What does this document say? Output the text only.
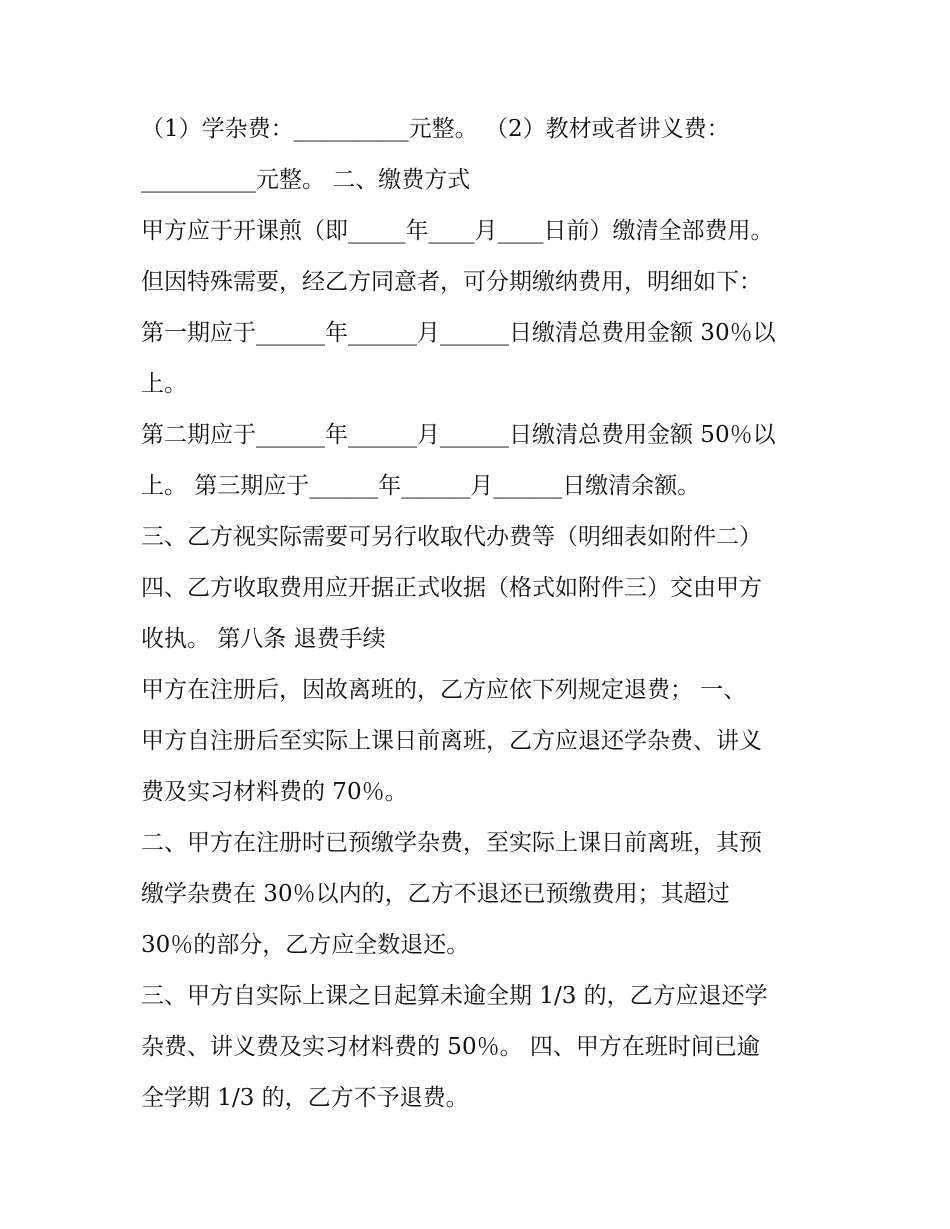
（1）学杂费：__________元整。 （2）教材或者讲义费：
__________元整。 二、缴费方式
甲方应于开课煎（即_____年____月____日前）缴清全部费用。
但因特殊需要，经乙方同意者，可分期缴纳费用，明细如下：
第一期应于______年______月______日缴清总费用金额 30％以
上。
第二期应于______年______月______日缴清总费用金额 50％以
上。 第三期应于______年______月______日缴清余额。
三、乙方视实际需要可另行收取代办费等（明细表如附件二）
四、乙方收取费用应开据正式收据（格式如附件三）交由甲方
收执。 第八条 退费手续
甲方在注册后，因故离班的，乙方应依下列规定退费； 一、
甲方自注册后至实际上课日前离班，乙方应退还学杂费、讲义
费及实习材料费的 70％。
二、甲方在注册时已预缴学杂费，至实际上课日前离班，其预
缴学杂费在 30％以内的，乙方不退还已预缴费用；其超过
30％的部分，乙方应全数退还。
三、甲方自实际上课之日起算未逾全期 1/3 的，乙方应退还学
杂费、讲义费及实习材料费的 50％。 四、甲方在班时间已逾
全学期 1/3 的，乙方不予退费。
